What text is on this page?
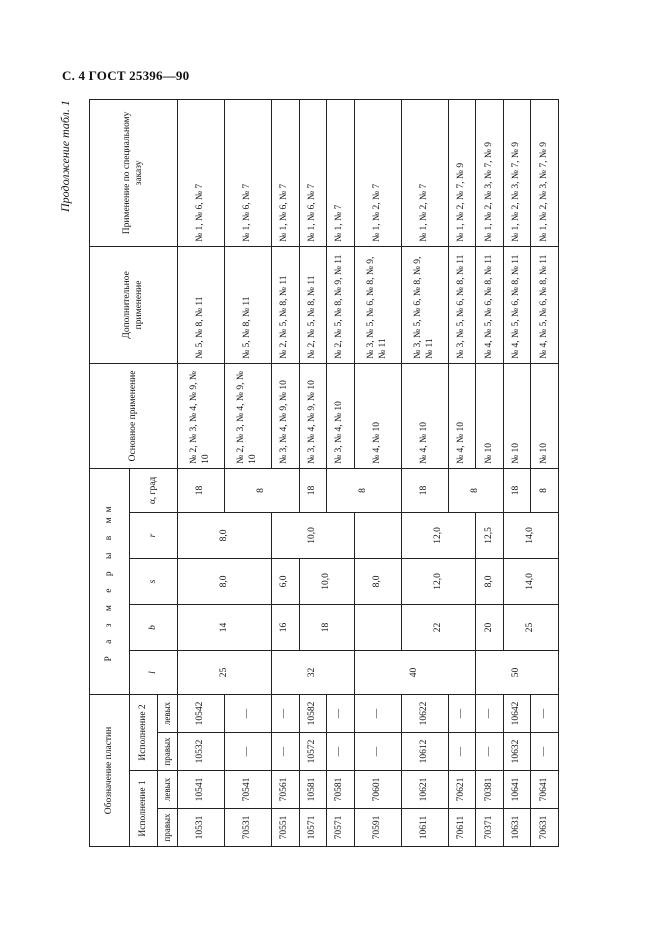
С. 4 ГОСТ 25396—90
Продолжение табл. 1
Обозначение пластин				Р а з м е р ы в мм					Основное применение	Дополнительное применение	Применение по специальному заказу
Исполнение 1		Исполнение 2		l	b	s	r	α, град			
правых	левых	правых	левых								
10531	10541	10532	10542	25	14	8,0	8,0	18	№ 2, № 3, № 4, № 9, № 10	№ 5, № 8, № 11	№ 1, № 6, № 7
70531	70541	—	—					8	№ 2, № 3, № 4, № 9, № 10	№ 5, № 8, № 11	№ 1, № 6, № 7
70551	70561	—	—	32	16	6,0	10,0		№ 3, № 4, № 9, № 10	№ 2, № 5, № 8, № 11	№ 1, № 6, № 7
10571	10581	10572	10582		18	10,0		18	№ 3, № 4, № 9, № 10	№ 2, № 5, № 8, № 11	№ 1, № 6, № 7
70571	70581	—	—					8	№ 3, № 4, № 10	№ 2, № 5, № 8, № 9, № 11	№ 1, № 7
70591	70601	—	—	40		8,0			№ 4, № 10	№ 3, № 5, № 6, № 8, № 9, № 11	№ 1, № 2, № 7
10611	10621	10612	10622		22	12,0	12,0	18	№ 4, № 10	№ 3, № 5, № 6, № 8, № 9, № 11	№ 1, № 2, № 7
70611	70621	—	—					8	№ 4, № 10	№ 3, № 5, № 6, № 8, № 11	№ 1, № 2, № 7, № 9
70371	70381	—	—	50	20	8,0	12,5		№ 10	№ 4, № 5, № 6, № 8, № 11	№ 1, № 2, № 3, № 7, № 9
10631	10641	10632	10642		25	14,0	14,0	18	№ 10	№ 4, № 5, № 6, № 8, № 11	№ 1, № 2, № 3, № 7, № 9
70631	70641	—	—					8	№ 10	№ 4, № 5, № 6, № 8, № 11	№ 1, № 2, № 3, № 7, № 9
